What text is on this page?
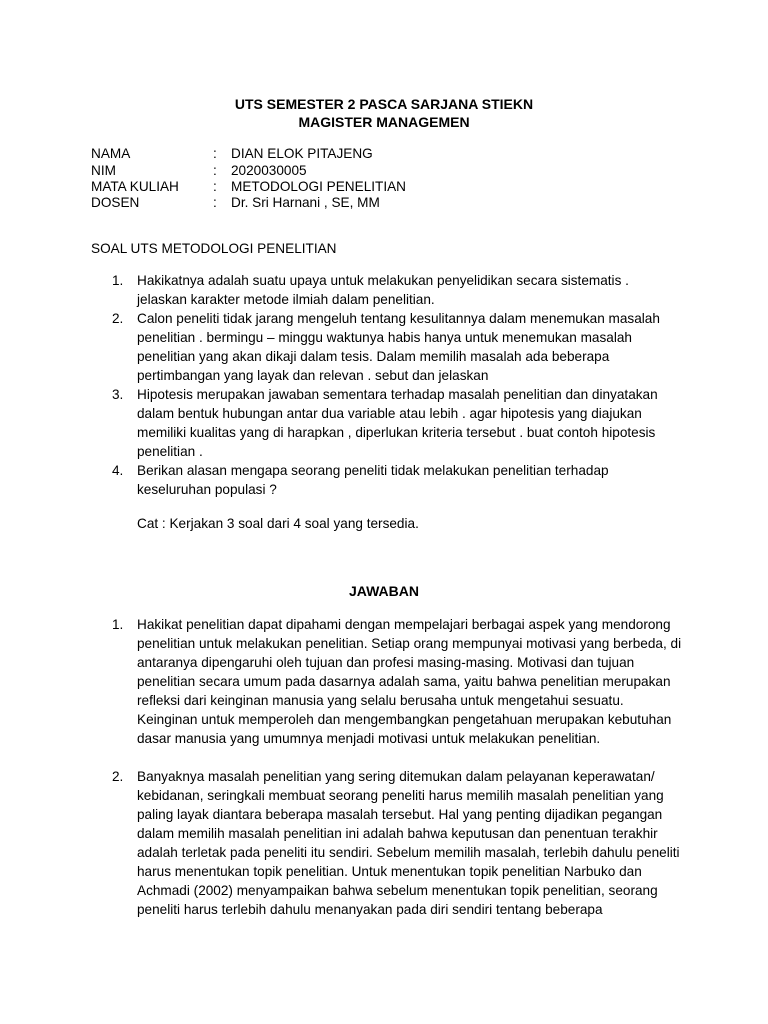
UTS SEMESTER 2 PASCA SARJANA STIEKN
MAGISTER MANAGEMEN
NAMA	: DIAN ELOK PITAJENG
NIM	: 2020030005
MATA KULIAH	: METODOLOGI PENELITIAN
DOSEN	: Dr. Sri Harnani , SE, MM
SOAL UTS METODOLOGI PENELITIAN
1. Hakikatnya adalah suatu upaya untuk melakukan penyelidikan secara sistematis . jelaskan karakter metode ilmiah dalam penelitian.
2. Calon peneliti tidak jarang mengeluh tentang kesulitannya dalam menemukan masalah penelitian . bermingu – minggu waktunya habis hanya untuk menemukan masalah penelitian yang akan dikaji dalam tesis. Dalam memilih masalah ada beberapa pertimbangan yang layak dan relevan . sebut dan jelaskan
3. Hipotesis merupakan jawaban sementara terhadap masalah penelitian dan dinyatakan dalam bentuk hubungan antar dua variable atau lebih . agar hipotesis yang diajukan memiliki kualitas yang di harapkan , diperlukan kriteria tersebut . buat contoh hipotesis penelitian .
4. Berikan alasan mengapa seorang peneliti tidak melakukan penelitian terhadap keseluruhan populasi ?
Cat : Kerjakan 3 soal dari 4 soal yang tersedia.
JAWABAN
1. Hakikat penelitian dapat dipahami dengan mempelajari berbagai aspek yang mendorong penelitian untuk melakukan penelitian. Setiap orang mempunyai motivasi yang berbeda, di antaranya dipengaruhi oleh tujuan dan profesi masing-masing. Motivasi dan tujuan penelitian secara umum pada dasarnya adalah sama, yaitu bahwa penelitian merupakan refleksi dari keinginan manusia yang selalu berusaha untuk mengetahui sesuatu. Keinginan untuk memperoleh dan mengembangkan pengetahuan merupakan kebutuhan dasar manusia yang umumnya menjadi motivasi untuk melakukan penelitian.
2. Banyaknya masalah penelitian yang sering ditemukan dalam pelayanan keperawatan/ kebidanan, seringkali membuat seorang peneliti harus memilih masalah penelitian yang paling layak diantara beberapa masalah tersebut. Hal yang penting dijadikan pegangan dalam memilih masalah penelitian ini adalah bahwa keputusan dan penentuan terakhir adalah terletak pada peneliti itu sendiri. Sebelum memilih masalah, terlebih dahulu peneliti harus menentukan topik penelitian. Untuk menentukan topik penelitian Narbuko dan Achmadi (2002) menyampaikan bahwa sebelum menentukan topik penelitian, seorang peneliti harus terlebih dahulu menanyakan pada diri sendiri tentang beberapa
